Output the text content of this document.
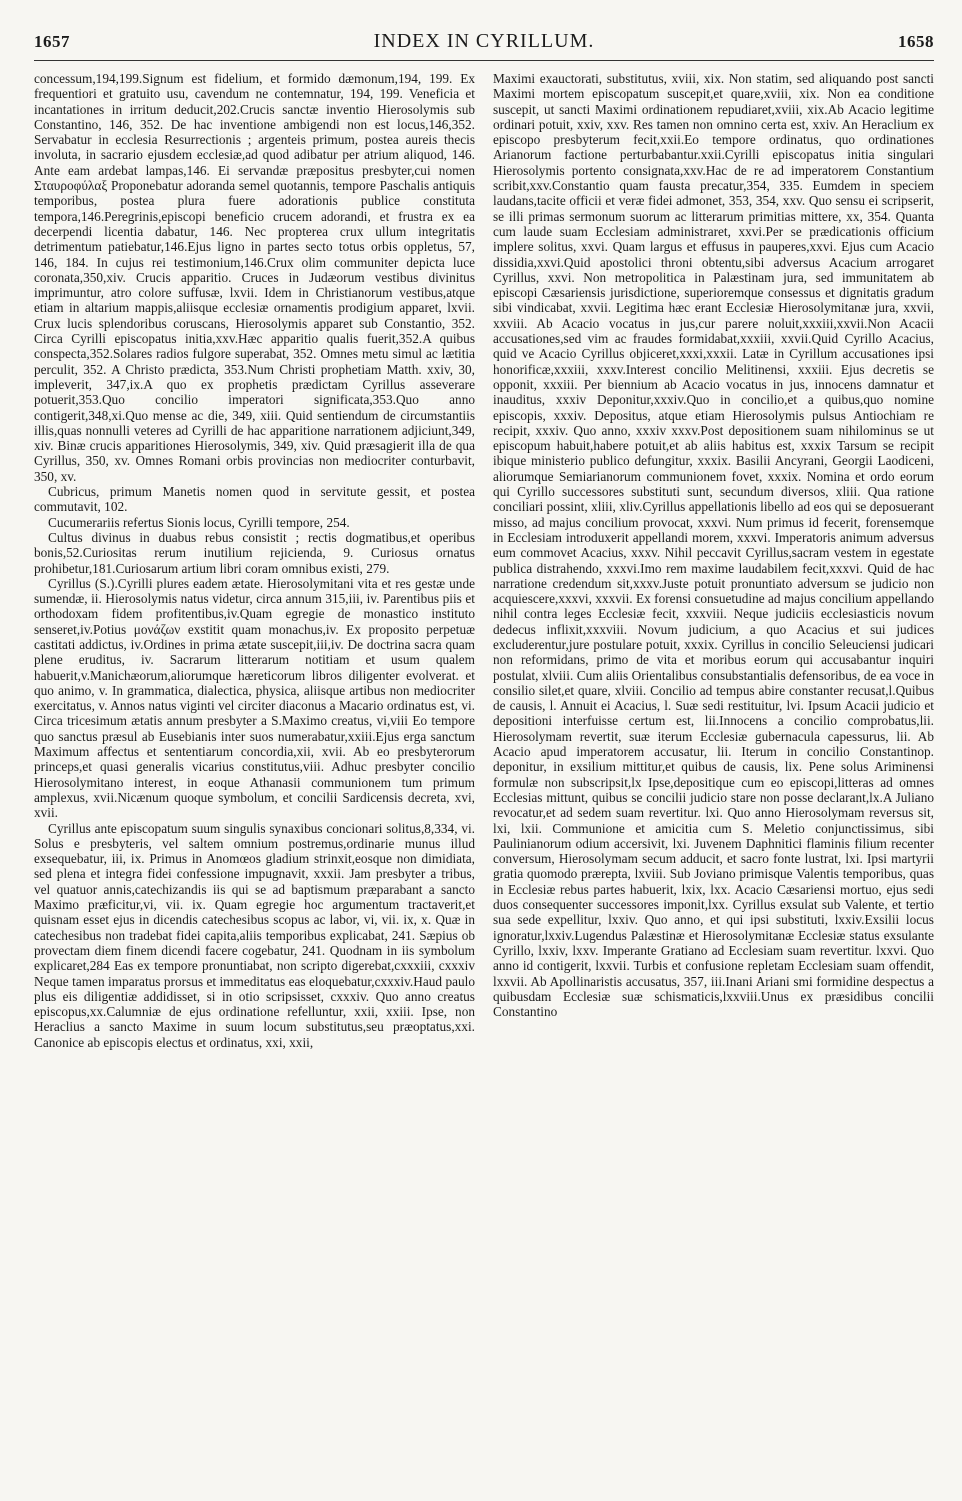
1657	INDEX IN CYRILLUM.	1658

concessum,194,199.Signum est fidelium, et formido dæmonum,194, 199. Ex frequentiori et gratuito usu, cavendum ne contemnatur, 194, 199. Veneficia et incantationes in irritum deducit,202.Crucis sanctæ inventio Hierosolymis sub Constantino, 146, 352. De hac inventione ambigendi non est locus,146,352. Servabatur in ecclesia Resurrectionis ; argenteis primum, postea aureis thecis involuta, in sacrario ejusdem ecclesiæ,ad quod adibatur per atrium aliquod, 146. Ante eam ardebat lampas,146. Ei servandæ præpositus presbyter,cui nomen Σταυροφύλαξ Proponebatur adoranda semel quotannis, tempore Paschalis antiquis temporibus, postea plura fuere adorationis publice constituta tempora,146.Peregrinis,episcopi beneficio crucem adorandi, et frustra ex ea decerpendi licentia dabatur, 146. Nec propterea crux ullum integritatis detrimentum patiebatur,146.Ejus ligno in partes secto totus orbis oppletus, 57, 146, 184. In cujus rei testimonium,146.Crux olim communiter depicta luce coronata,350,xiv. Crucis apparitio. Cruces in Judæorum vestibus divinitus imprimuntur, atro colore suffusæ, lxvii. Idem in Christianorum vestibus,atque etiam in altarium mappis,aliisque ecclesiæ ornamentis prodigium apparet, lxvii. Crux lucis splendoribus coruscans, Hierosolymis apparet sub Constantio, 352. Circa Cyrilli episcopatus initia,xxv.Hæc apparitio qualis fuerit,352.A quibus conspecta,352.Solares radios fulgore superabat, 352. Omnes metu simul ac lætitia perculit, 352. A Christo prædicta, 353.Num Christi prophetiam Matth. xxiv, 30, impleverit, 347,ix.A quo ex prophetis prædictam Cyrillus asseverare potuerit,353.Quo concilio imperatori significata,353.Quo anno contigerit,348,xi.Quo mense ac die, 349, xiii. Quid sentiendum de circumstantiis illis,quas nonnulli veteres ad Cyrilli de hac apparitione narrationem adjiciunt,349, xiv. Binæ crucis apparitiones Hierosolymis, 349, xiv. Quid præsagierit illa de qua Cyrillus, 350, xv. Omnes Romani orbis provincias non mediocriter conturbavit, 350, xv.

Cubricus, primum Manetis nomen quod in servitute gessit, et postea commutavit, 102.

Cucumerariis refertus Sionis locus, Cyrilli tempore, 254.

Cultus divinus in duabus rebus consistit ; rectis dogmatibus,et operibus bonis,52.Curiositas rerum inutilium rejicienda, 9. Curiosus ornatus prohibetur,181.Curiosarum artium libri coram omnibus existi, 279.

Cyrillus (S.).Cyrilli plures eadem ætate. Hierosolymitani vita et res gestæ unde sumendæ, ii. Hierosolymis natus videtur, circa annum 315,iii, iv. Parentibus piis et orthodoxam fidem profitentibus,iv.Quam egregie de monastico instituto senseret,iv.Potius μονάζων exstitit quam monachus,iv. Ex proposito perpetuæ castitati addictus, iv.Ordines in prima ætate suscepit,iii,iv. De doctrina sacra quam plene eruditus, iv. Sacrarum litterarum notitiam et usum qualem habuerit,v.Manichæorum,aliorumque hæreticorum libros diligenter evolverat. et quo animo, v. In grammatica, dialectica, physica, aliisque artibus non mediocriter exercitatus, v. Annos natus viginti vel circiter diaconus a Macario ordinatus est, vi. Circa tricesimum ætatis annum presbyter a S.Maximo creatus, vi,viii Eo tempore quo sanctus præsul ab Eusebianis inter suos numerabatur,xxiii.Ejus erga sanctum Maximum affectus et sententiarum concordia,xii, xvii. Ab eo presbyterorum princeps,et quasi generalis vicarius constitutus,viii. Adhuc presbyter concilio Hierosolymitano interest, in eoque Athanasii communionem tum primum amplexus, xvii.Nicænum quoque symbolum, et concilii Sardicensis decreta, xvi, xvii.

Cyrillus ante episcopatum suum singulis synaxibus concionari solitus,8,334, vi. Solus e presbyteris, vel saltem omnium postremus,ordinarie munus illud exsequebatur, iii, ix. Primus in Anomœos gladium strinxit,eosque non dimidiata, sed plena et integra fidei confessione impugnavit, xxxii. Jam presbyter a tribus, vel quatuor annis,catechizandis iis qui se ad baptismum præparabant a sancto Maximo præficitur,vi, vii. ix. Quam egregie hoc argumentum tractaverit,et quisnam esset ejus in dicendis catechesibus scopus ac labor, vi, vii. ix, x. Quæ in catechesibus non tradebat fidei capita,aliis temporibus explicabat, 241. Sæpius ob provectam diem finem dicendi facere cogebatur, 241. Quodnam in iis symbolum explicaret,284 Eas ex tempore pronuntiabat, non scripto digerebat,cxxxiii, cxxxiv Neque tamen imparatus prorsus et immeditatus eas eloquebatur,cxxxiv.Haud paulo plus eis diligentiæ addidisset, si in otio scripsisset, cxxxiv. Quo anno creatus episcopus,xx.Calumniæ de ejus ordinatione refelluntur, xxii, xxiii. Ipse, non Heraclius a sancto Maxime in suum locum substitutus,seu præoptatus,xxi. Canonice ab episcopis electus et ordinatus, xxi, xxii,

Maximi exauctorati, substitutus, xviii, xix. Non statim, sed aliquando post sancti Maximi mortem episcopatum suscepit,et quare,xviii, xix. Non ea conditione suscepit, ut sancti Maximi ordinationem repudiaret,xviii, xix.Ab Acacio legitime ordinari potuit, xxiv, xxv. Res tamen non omnino certa est, xxiv. An Heraclium ex episcopo presbyterum fecit,xxii.Eo tempore ordinatus, quo ordinationes Arianorum factione perturbabantur.xxii.Cyrilli episcopatus initia singulari Hierosolymis portento consignata,xxv.Hac de re ad imperatorem Constantium scribit,xxv.Constantio quam fausta precatur,354, 335. Eumdem in speciem laudans,tacite officii et veræ fidei admonet, 353, 354, xxv. Quo sensu ei scripserit, se illi primas sermonum suorum ac litterarum primitias mittere, xx, 354. Quanta cum laude suam Ecclesiam administraret, xxvi.Per se prædicationis officium implere solitus, xxvi. Quam largus et effusus in pauperes,xxvi. Ejus cum Acacio dissidia,xxvi.Quid apostolici throni obtentu,sibi adversus Acacium arrogaret Cyrillus, xxvi. Non metropolitica in Palæstinam jura, sed immunitatem ab episcopi Cæsariensis jurisdictione, superioremque consessus et dignitatis gradum sibi vindicabat, xxvii. Legitima hæc erant Ecclesiæ Hierosolymitanæ jura, xxvii, xxviii. Ab Acacio vocatus in jus,cur parere noluit,xxxiii,xxvii.Non Acacii accusationes,sed vim ac fraudes formidabat,xxxiii, xxvii.Quid Cyrillo Acacius, quid ve Acacio Cyrillus objiceret,xxxi,xxxii. Latæ in Cyrillum accusationes ipsi honorificæ,xxxiii, xxxv.Interest concilio Melitinensi, xxxiii. Ejus decretis se opponit, xxxiii. Per biennium ab Acacio vocatus in jus, innocens damnatur et inauditus, xxxiv Deponitur,xxxiv.Quo in concilio,et a quibus,quo nomine episcopis, xxxiv. Depositus, atque etiam Hierosolymis pulsus Antiochiam re recipit, xxxiv. Quo anno, xxxiv xxxv.Post depositionem suam nihilominus se ut episcopum habuit,habere potuit,et ab aliis habitus est, xxxix Tarsum se recipit ibique ministerio publico defungitur, xxxix. Basilii Ancyrani, Georgii Laodiceni, aliorumque Semiarianorum communionem fovet, xxxix. Nomina et ordo eorum qui Cyrillo successores substituti sunt, secundum diversos, xliii. Qua ratione conciliari possint, xliii, xliv.Cyrillus appellationis libello ad eos qui se deposuerant misso, ad majus concilium provocat, xxxvi. Num primus id fecerit, forensemque in Ecclesiam introduxerit appellandi morem, xxxvi. Imperatoris animum adversus eum commovet Acacius, xxxv. Nihil peccavit Cyrillus,sacram vestem in egestate publica distrahendo, xxxvi.Imo rem maxime laudabilem fecit,xxxvi. Quid de hac narratione credendum sit,xxxv.Juste potuit pronuntiato adversum se judicio non acquiescere,xxxvi, xxxvii. Ex forensi consuetudine ad majus concilium appellando nihil contra leges Ecclesiæ fecit, xxxviii. Neque judiciis ecclesiasticis novum dedecus inflixit,xxxviii. Novum judicium, a quo Acacius et sui judices excluderentur,jure postulare potuit, xxxix. Cyrillus in concilio Seleuciensi judicari non reformidans, primo de vita et moribus eorum qui accusabantur inquiri postulat, xlviii. Cum aliis Orientalibus consubstantialis defensoribus, de ea voce in consilio silet,et quare, xlviii. Concilio ad tempus abire constanter recusat,l.Quibus de causis, l. Annuit ei Acacius, l. Suæ sedi restituitur, lvi. Ipsum Acacii judicio et depositioni interfuisse certum est, lii.Innocens a concilio comprobatus,lii. Hierosolymam revertit, suæ iterum Ecclesiæ gubernacula capessurus, lii. Ab Acacio apud imperatorem accusatur, lii. Iterum in concilio Constantinop. deponitur, in exsilium mittitur,et quibus de causis, lix. Pene solus Ariminensi formulæ non subscripsit,lx Ipse,depositique cum eo episcopi,litteras ad omnes Ecclesias mittunt, quibus se concilii judicio stare non posse declarant,lx.A Juliano revocatur,et ad sedem suam revertitur. lxi. Quo anno Hierosolymam reversus sit, lxi, lxii. Communione et amicitia cum S. Meletio conjunctissimus, sibi Paulinianorum odium accersivit, lxi. Juvenem Daphnitici flaminis filium recenter conversum, Hierosolymam secum adducit, et sacro fonte lustrat, lxi. Ipsi martyrii gratia quomodo prærepta, lxviii. Sub Joviano primisque Valentis temporibus, quas in Ecclesiæ rebus partes habuerit, lxix, lxx. Acacio Cæsariensi mortuo, ejus sedi duos consequenter successores imponit,lxx. Cyrillus exsulat sub Valente, et tertio sua sede expellitur, lxxiv. Quo anno, et qui ipsi substituti, lxxiv.Exsilii locus ignoratur,lxxiv.Lugendus Palæstinæ et Hierosolymitanæ Ecclesiæ status exsulante Cyrillo, lxxiv, lxxv. Imperante Gratiano ad Ecclesiam suam revertitur. lxxvi. Quo anno id contigerit, lxxvii. Turbis et confusione repletam Ecclesiam suam offendit, lxxvii. Ab Apollinaristis accusatus, 357, iii.Inani Ariani smi formidine despectus a quibusdam Ecclesiæ suæ schismaticis,lxxviii.Unus ex præsidibus concilii Constantino
